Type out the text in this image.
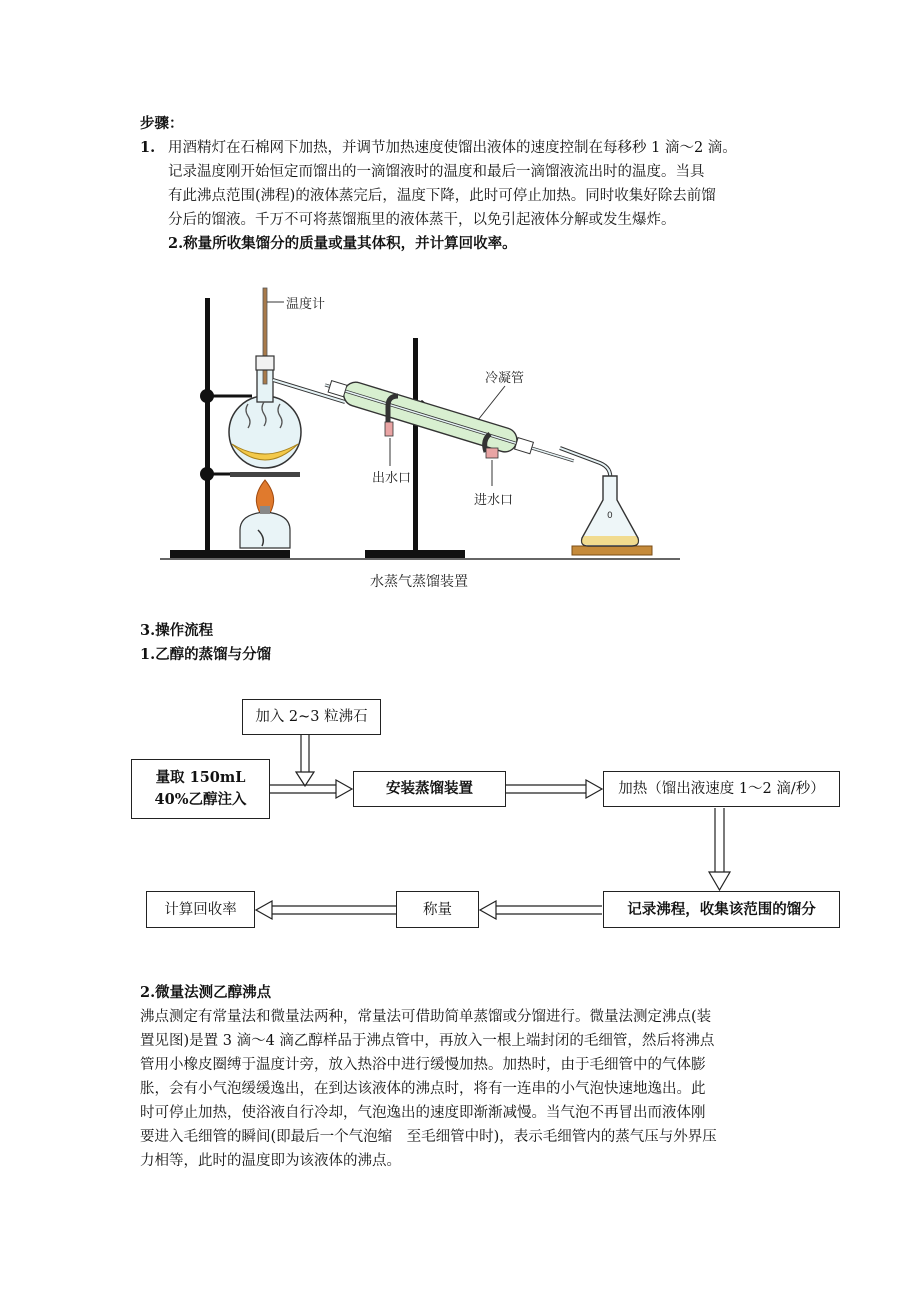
步骤：
1. 用酒精灯在石棉网下加热，并调节加热速度使馏出液体的速度控制在每移秒 1 滴～2 滴。
记录温度刚开始恒定而馏出的一滴馏液时的温度和最后一滴馏液流出时的温度。当具
有此沸点范围(沸程)的液体蒸完后，温度下降，此时可停止加热。同时收集好除去前馏
分后的馏液。千万不可将蒸馏瓶里的液体蒸干，以免引起液体分解或发生爆炸。
2.称量所收集馏分的质量或量其体积，并计算回收率。
0
温度计
冷凝管
出水口
进水口
水蒸气蒸馏装置
3.操作流程
1.乙醇的蒸馏与分馏
加入 2~3 粒沸石
量取 150mL
40%乙醇注入
安装蒸馏装置	加热（馏出液速度 1～2 滴/秒）
记录沸程，收集该范围的馏分
称量
计算回收率
2.微量法测乙醇沸点
沸点测定有常量法和微量法两种，常量法可借助简单蒸馏或分馏进行。微量法测定沸点(装
置见图)是置 3 滴～4 滴乙醇样品于沸点管中，再放入一根上端封闭的毛细管，然后将沸点
管用小橡皮圈缚于温度计旁，放入热浴中进行缓慢加热。加热时，由于毛细管中的气体膨
胀，会有小气泡缓缓逸出，在到达该液体的沸点时，将有一连串的小气泡快速地逸出。此
时可停止加热，使浴液自行冷却，气泡逸出的速度即渐渐减慢。当气泡不再冒出而液体刚
要进入毛细管的瞬间(即最后一个气泡缩　至毛细管中时)，表示毛细管内的蒸气压与外界压
力相等，此时的温度即为该液体的沸点。
